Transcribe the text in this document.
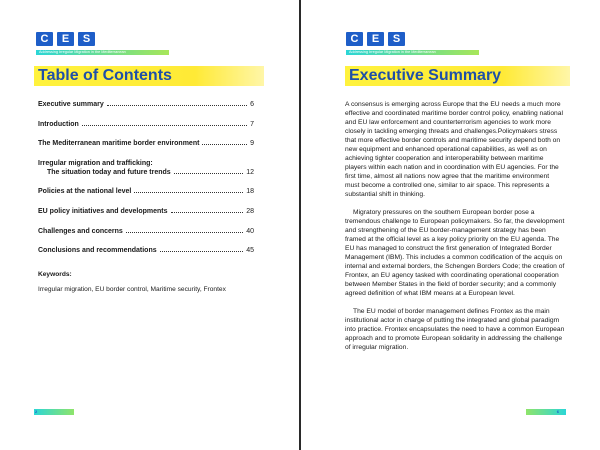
C	E	S
Addressing Irregular Migration in the Mediterranean
Table of Contents
Executive summary	6
Introduction	7
The Mediterranean maritime border environment	9
Irregular migration and trafficking:
The situation today and future trends	12
Policies at the national level	18
EU policy initiatives and developments	28
Challenges and concerns	40
Conclusions and recommendations	45
Keywords:
Irregular migration, EU border control, Maritime security, Frontex
2
C	E	S
Addressing Irregular Migration in the Mediterranean
Executive Summary

A consensus is emerging across Europe that the EU needs a much more effective and coordinated maritime border control policy, enabling national and EU law enforcement and counterterrorism agencies to work more closely in tackling emerging threats and challenges.Policymakers stress that more effective border controls and maritime security depend both on new equipment and enhanced operational capabilities, as well as on achieving tighter cooperation and interoperability between maritime players within each nation and in coordination with EU agencies. For the first time, almost all nations now agree that the maritime environment must become a controlled one, similar to air space. This represents a substantial shift in thinking.

Migratory pressures on the southern European border pose a tremendous challenge to European policymakers. So far, the development and strengthening of the EU border-management strategy has been framed at the official level as a key policy priority on the EU agenda. The EU has managed to construct the first generation of Integrated Border Management (IBM). This includes a common codification of the acquis on internal and external borders, the Schengen Borders Code; the creation of Frontex, an EU agency tasked with coordinating operational cooperation between Member States in the field of border security; and a commonly agreed definition of what IBM means at a European level.

The EU model of border management defines Frontex as the main institutional actor in charge of putting the integrated and global paradigm into practice. Frontex encapsulates the need to have a common European approach and to promote European solidarity in addressing the challenge of irregular migration.

6
